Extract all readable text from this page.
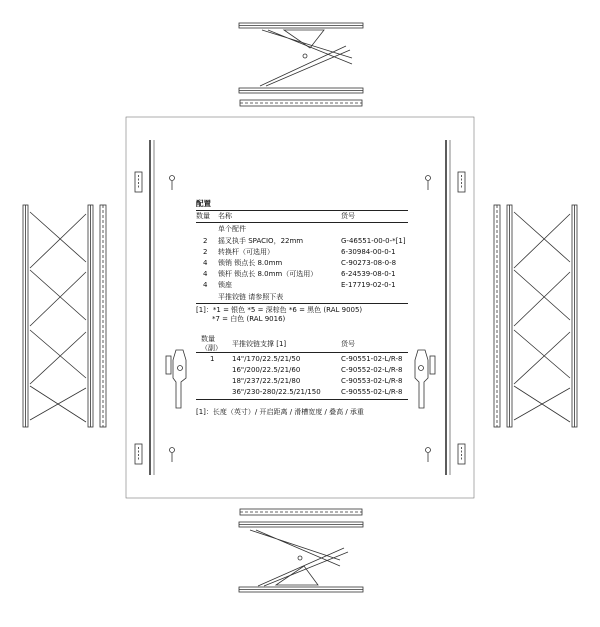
配置
数量 名称	货号
单个配件
2 摇叉执手 SPACIO，22mm	G-46551-00-0-*[1]
2 转换杆（可选用）	6-30984-00-0-1
4 锁销 锁点长 8.0mm	C-90273-08-0-8
4 锁杆 锁点长 8.0mm（可选用）	6-24539-08-0-1
4 锁座	E-17719-02-0-1
平推铰链 请参照下表
[1]：*1 = 银色 *5 = 深棕色 *6 = 黑色 (RAL 9005)
*7 = 白色 (RAL 9016)
数量
（副） 平推铰链支撑 [1]	货号
1	14"/170/22.5/21/50	C-90551-02-L/R-8
16"/200/22.5/21/60	C-90552-02-L/R-8
18"/237/22.5/21/80	C-90553-02-L/R-8
36"/230-280/22.5/21/150	C-90555-02-L/R-8
[1]：长度（英寸）/ 开启距离 / 滑槽宽度 / 叠高 / 承重
